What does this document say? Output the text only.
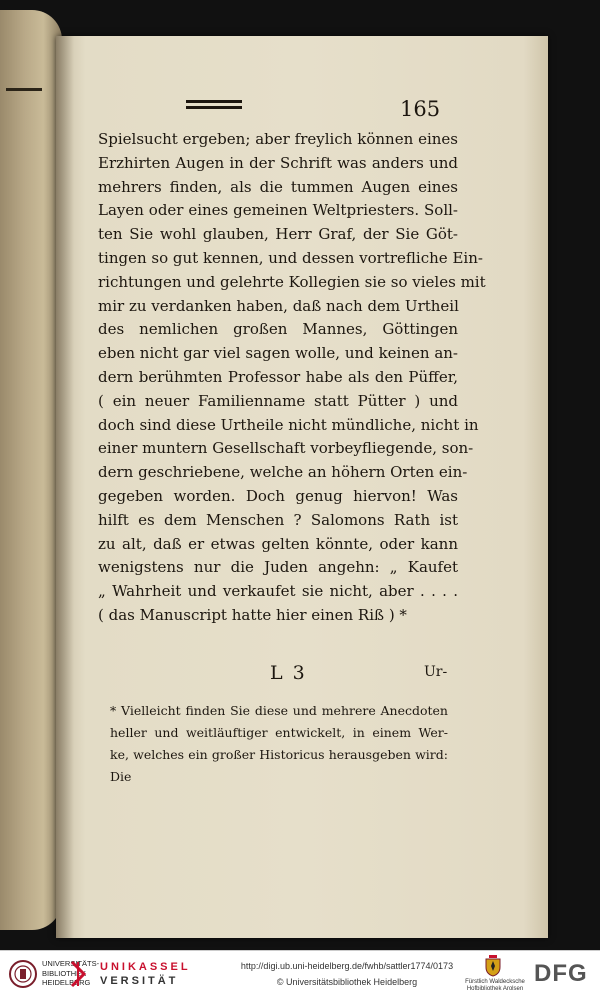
165
Spielsucht ergeben; aber freylich können eines
Erzhirten Augen in der Schrift was anders und
mehrers finden, als die tummen Augen eines
Layen oder eines gemeinen Weltpriesters. Soll-
ten Sie wohl glauben, Herr Graf, der Sie Göt-
tingen so gut kennen, und dessen vortrefliche Ein-
richtungen und gelehrte Kollegien sie so vieles mit
mir zu verdanken haben, daß nach dem Urtheil
des nemlichen großen Mannes, Göttingen
eben nicht gar viel sagen wolle, und keinen an-
dern berühmten Professor habe als den Püffer,
( ein neuer Familienname statt Pütter ) und
doch sind diese Urtheile nicht mündliche, nicht in
einer muntern Gesellschaft vorbeyfliegende, son-
dern geschriebene, welche an höhern Orten ein-
gegeben worden. Doch genug hiervon! Was
hilft es dem Menschen ? Salomons Rath ist
zu alt, daß er etwas gelten könnte, oder kann
wenigstens nur die Juden angehn: „ Kaufet
„ Wahrheit und verkaufet sie nicht, aber . . . .
( das Manuscript hatte hier einen Riß ) *
L 3	Ur-
* Vielleicht finden Sie diese und mehrere Anecdoten
heller und weitläuftiger entwickelt, in einem Wer-
ke, welches ein großer Historicus herausgeben wird:
Die
UNIVERSITÄTS-
BIBLIOTHEK
HEIDELBERG
UNIKASSEL
VERSITÄT
http://digi.ub.uni-heidelberg.de/fwhb/sattler1774/0173
© Universitätsbibliothek Heidelberg	Fürstlich Waldecksche
Hofbibliothek Arolsen
DFG
